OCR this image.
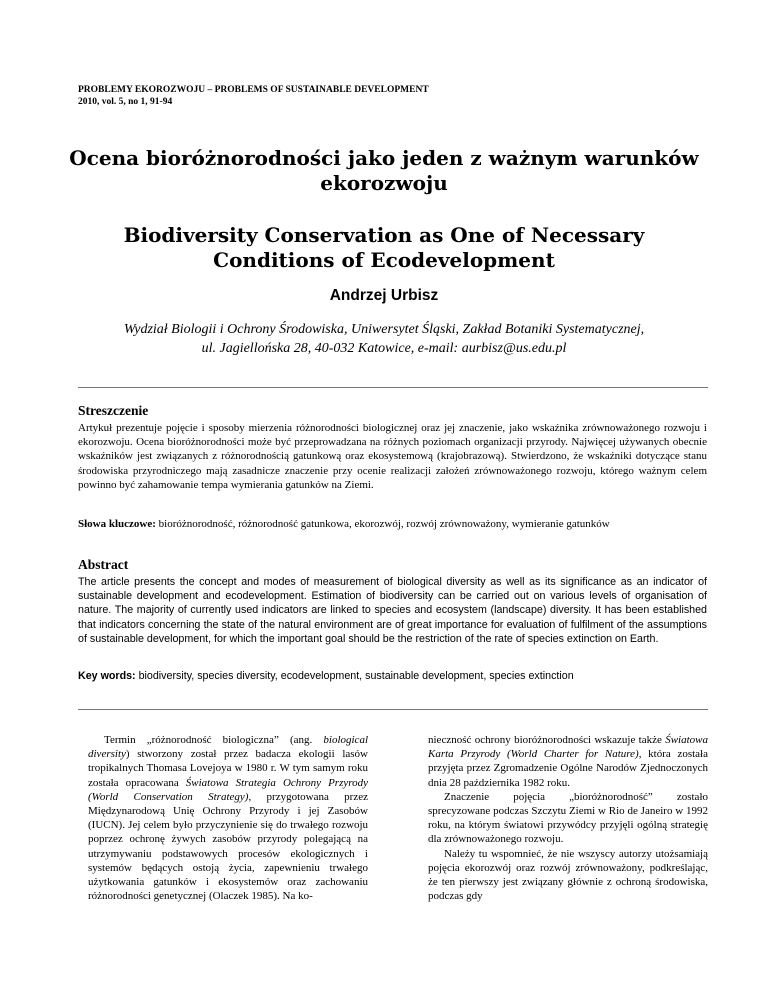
PROBLEMY EKOROZWOJU – PROBLEMS OF SUSTAINABLE DEVELOPMENT
2010, vol. 5, no 1, 91-94
Ocena bioróżnorodności jako jeden z ważnym warunków ekorozwoju
Biodiversity Conservation as One of Necessary Conditions of Ecodevelopment
Andrzej Urbisz
Wydział Biologii i Ochrony Środowiska, Uniwersytet Śląski, Zakład Botaniki Systematycznej,
ul. Jagiellońska 28, 40-032 Katowice, e-mail: aurbisz@us.edu.pl
Streszczenie

Artykuł prezentuje pojęcie i sposoby mierzenia różnorodności biologicznej oraz jej znaczenie, jako wskaźnika zrównoważonego rozwoju i ekorozwoju. Ocena bioróżnorodności może być przeprowadzana na różnych poziomach organizacji przyrody. Najwięcej używanych obecnie wskaźników jest związanych z różnorodnością gatunkową oraz ekosystemową (krajobrazową). Stwierdzono, że wskaźniki dotyczące stanu środowiska przyrodniczego mają zasadnicze znaczenie przy ocenie realizacji założeń zrównoważonego rozwoju, którego ważnym celem powinno być zahamowanie tempa wymierania gatunków na Ziemi.

Słowa kluczowe: bioróżnorodność, różnorodność gatunkowa, ekorozwój, rozwój zrównoważony, wymieranie gatunków

Abstract

The article presents the concept and modes of measurement of biological diversity as well as its significance as an indicator of sustainable development and ecodevelopment. Estimation of biodiversity can be carried out on various levels of organisation of nature. The majority of currently used indicators are linked to species and ecosystem (landscape) diversity. It has been established that indicators concerning the state of the natural environment are of great importance for evaluation of fulfilment of the assumptions of sustainable development, for which the important goal should be the restriction of the rate of species extinction on Earth.

Key words: biodiversity, species diversity, ecodevelopment, sustainable development, species extinction

Termin „różnorodność biologiczna” (ang. biological diversity) stworzony został przez badacza ekologii lasów tropikalnych Thomasa Lovejoya w 1980 r. W tym samym roku została opracowana Światowa Strategia Ochrony Przyrody (World Conservation Strategy), przygotowana przez Międzynarodową Unię Ochrony Przyrody i jej Zasobów (IUCN). Jej celem było przyczynienie się do trwałego rozwoju poprzez ochronę żywych zasobów przyrody polegającą na utrzymywaniu podstawowych procesów ekologicznych i systemów będących ostoją życia, zapewnieniu trwałego użytkowania gatunków i ekosystemów oraz zachowaniu różnorodności genetycznej (Olaczek 1985). Na ko-

nieczność ochrony bioróżnorodności wskazuje także Światowa Karta Przyrody (World Charter for Nature), która została przyjęta przez Zgromadzenie Ogólne Narodów Zjednoczonych dnia 28 października 1982 roku.

Znaczenie pojęcia „bioróżnorodność” zostało sprecyzowane podczas Szczytu Ziemi w Rio de Janeiro w 1992 roku, na którym światowi przywódcy przyjęli ogólną strategię dla zrównoważonego rozwoju.

Należy tu wspomnieć, że nie wszyscy autorzy utożsamiają pojęcia ekorozwój oraz rozwój zrównoważony, podkreślając, że ten pierwszy jest związany głównie z ochroną środowiska, podczas gdy
